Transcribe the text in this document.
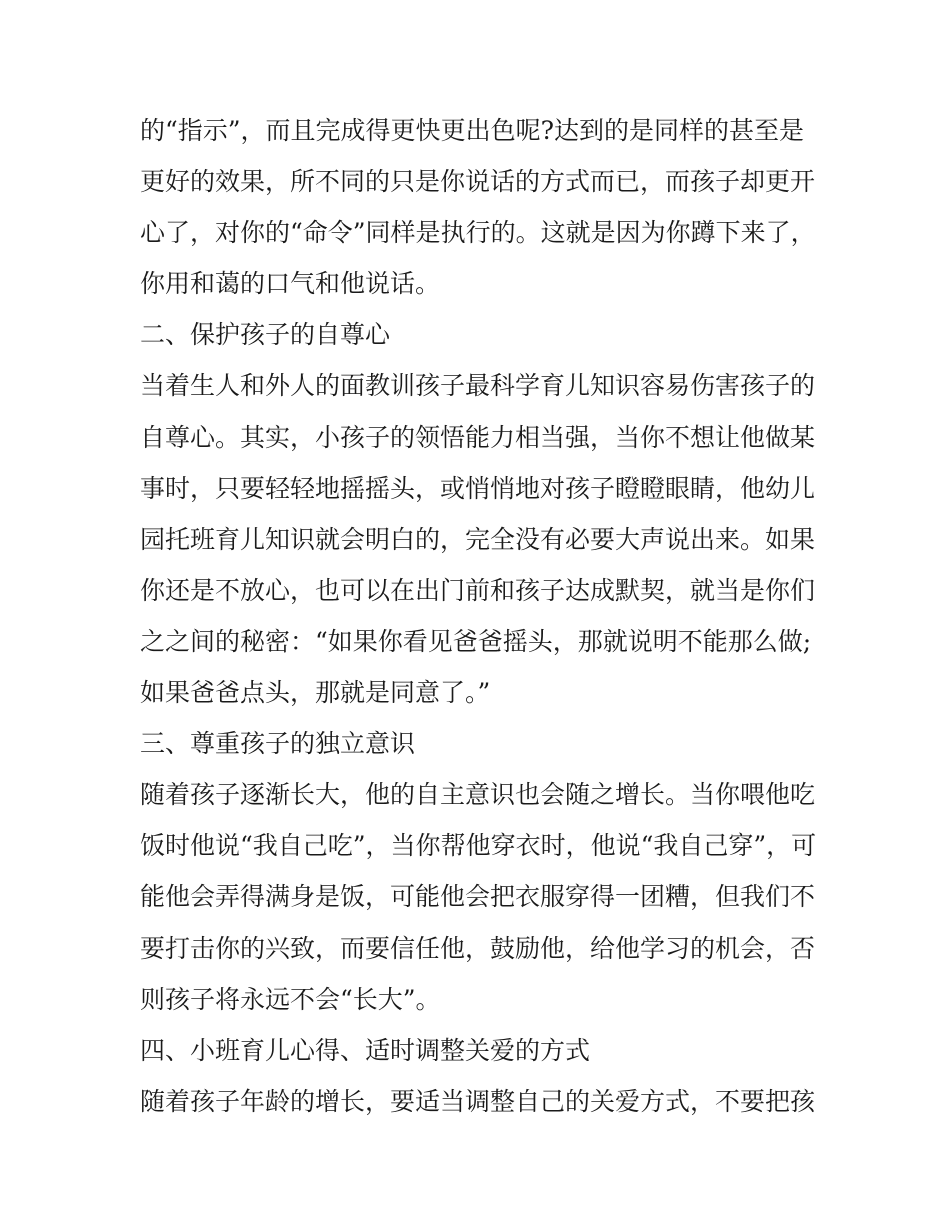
的“指示”，而且完成得更快更出色呢?达到的是同样的甚至是
更好的效果，所不同的只是你说话的方式而已，而孩子却更开
心了，对你的“命令”同样是执行的。这就是因为你蹲下来了，
你用和蔼的口气和他说话。
二、保护孩子的自尊心
当着生人和外人的面教训孩子最科学育儿知识容易伤害孩子的
自尊心。其实，小孩子的领悟能力相当强，当你不想让他做某
事时，只要轻轻地摇摇头，或悄悄地对孩子瞪瞪眼睛，他幼儿
园托班育儿知识就会明白的，完全没有必要大声说出来。如果
你还是不放心，也可以在出门前和孩子达成默契，就当是你们
之之间的秘密：“如果你看见爸爸摇头，那就说明不能那么做;
如果爸爸点头，那就是同意了。”
三、尊重孩子的独立意识
随着孩子逐渐长大，他的自主意识也会随之增长。当你喂他吃
饭时他说“我自己吃”，当你帮他穿衣时，他说“我自己穿”，可
能他会弄得满身是饭，可能他会把衣服穿得一团糟，但我们不
要打击你的兴致，而要信任他，鼓励他，给他学习的机会，否
则孩子将永远不会“长大”。
四、小班育儿心得、适时调整关爱的方式
随着孩子年龄的增长，要适当调整自己的关爱方式，不要把孩
